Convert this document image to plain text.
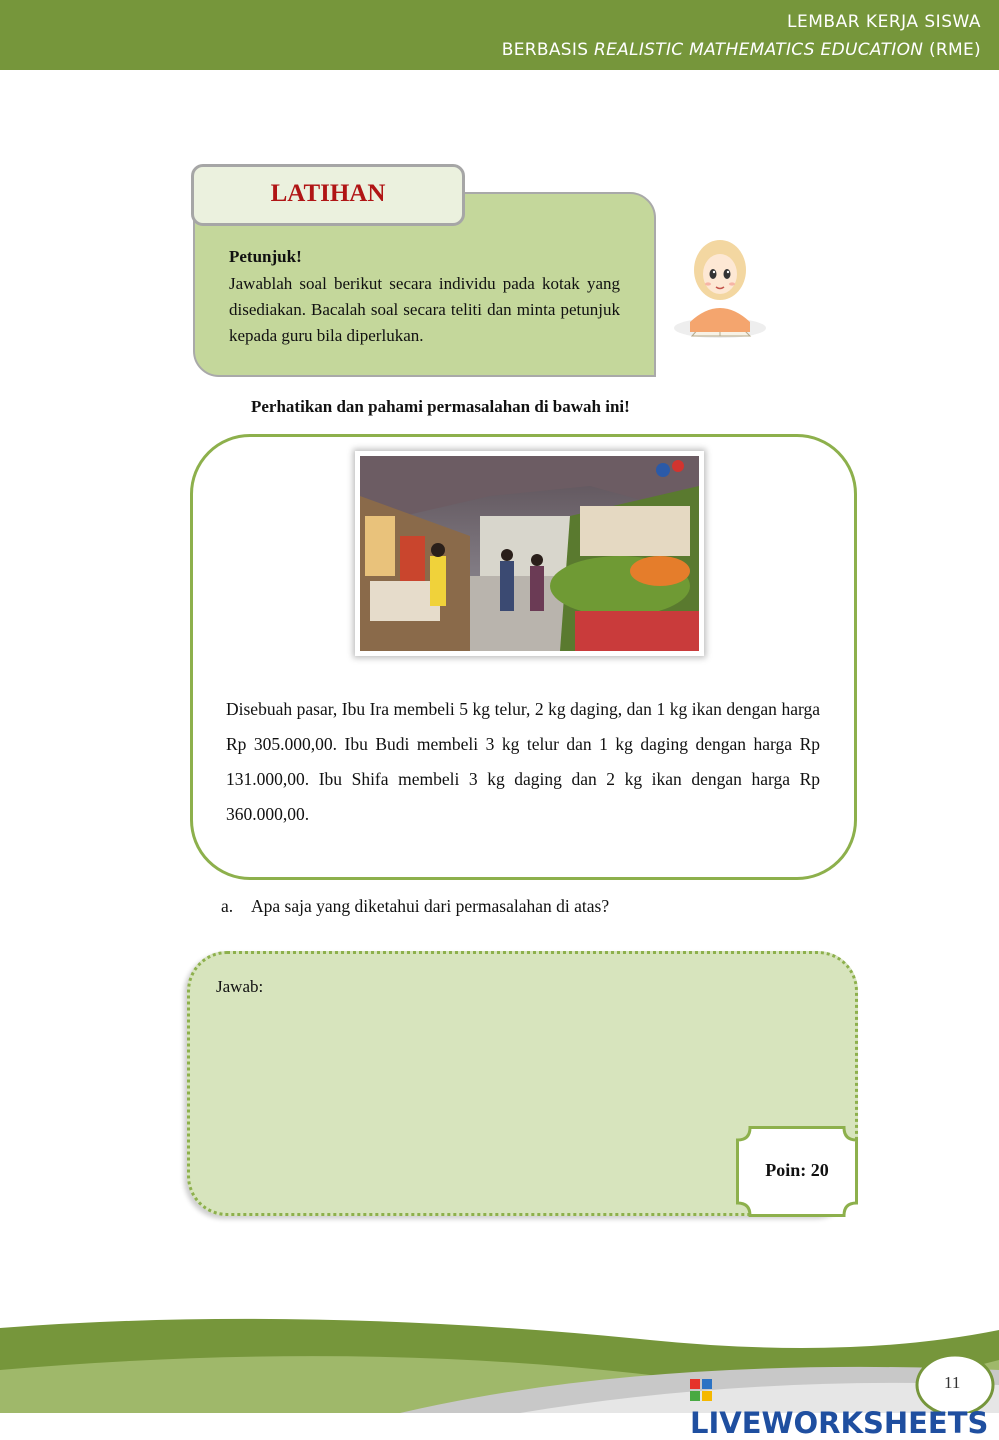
LEMBAR KERJA SISWA
BERBASIS REALISTIC MATHEMATICS EDUCATION (RME)
LATIHAN
Petunjuk!
Jawablah soal berikut secara individu pada kotak yang disediakan. Bacalah soal secara teliti dan minta petunjuk kepada guru bila diperlukan.
Perhatikan dan pahami permasalahan di bawah ini!
Disebuah pasar, Ibu Ira membeli 5 kg telur, 2 kg daging, dan 1 kg ikan dengan harga Rp 305.000,00. Ibu Budi membeli 3 kg telur dan 1 kg daging dengan harga Rp 131.000,00. Ibu Shifa membeli 3 kg daging dan 2 kg ikan dengan harga Rp 360.000,00.
a. Apa saja yang diketahui dari permasalahan di atas?
Jawab:
Poin: 20
LIVEWORKSHEETS
11
